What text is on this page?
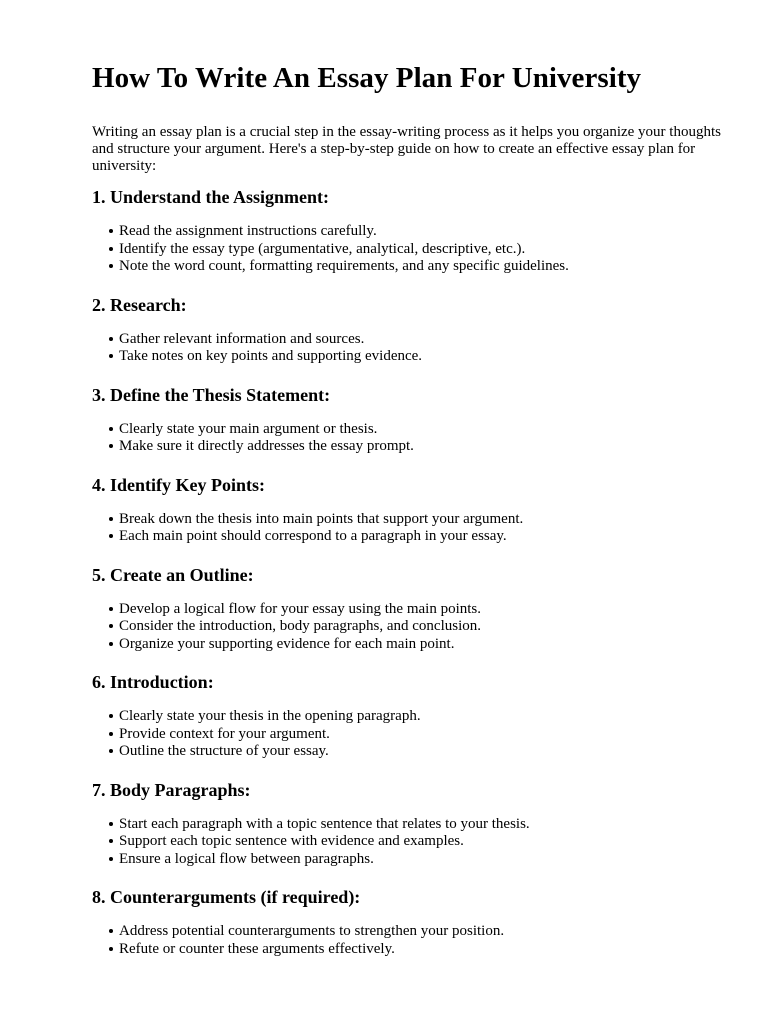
How To Write An Essay Plan For University

Writing an essay plan is a crucial step in the essay-writing process as it helps you organize your thoughts and structure your argument. Here's a step-by-step guide on how to create an effective essay plan for university:

1. Understand the Assignment:
Read the assignment instructions carefully.
Identify the essay type (argumentative, analytical, descriptive, etc.).
Note the word count, formatting requirements, and any specific guidelines.
2. Research:
Gather relevant information and sources.
Take notes on key points and supporting evidence.
3. Define the Thesis Statement:
Clearly state your main argument or thesis.
Make sure it directly addresses the essay prompt.
4. Identify Key Points:
Break down the thesis into main points that support your argument.
Each main point should correspond to a paragraph in your essay.
5. Create an Outline:
Develop a logical flow for your essay using the main points.
Consider the introduction, body paragraphs, and conclusion.
Organize your supporting evidence for each main point.
6. Introduction:
Clearly state your thesis in the opening paragraph.
Provide context for your argument.
Outline the structure of your essay.
7. Body Paragraphs:
Start each paragraph with a topic sentence that relates to your thesis.
Support each topic sentence with evidence and examples.
Ensure a logical flow between paragraphs.
8. Counterarguments (if required):
Address potential counterarguments to strengthen your position.
Refute or counter these arguments effectively.
